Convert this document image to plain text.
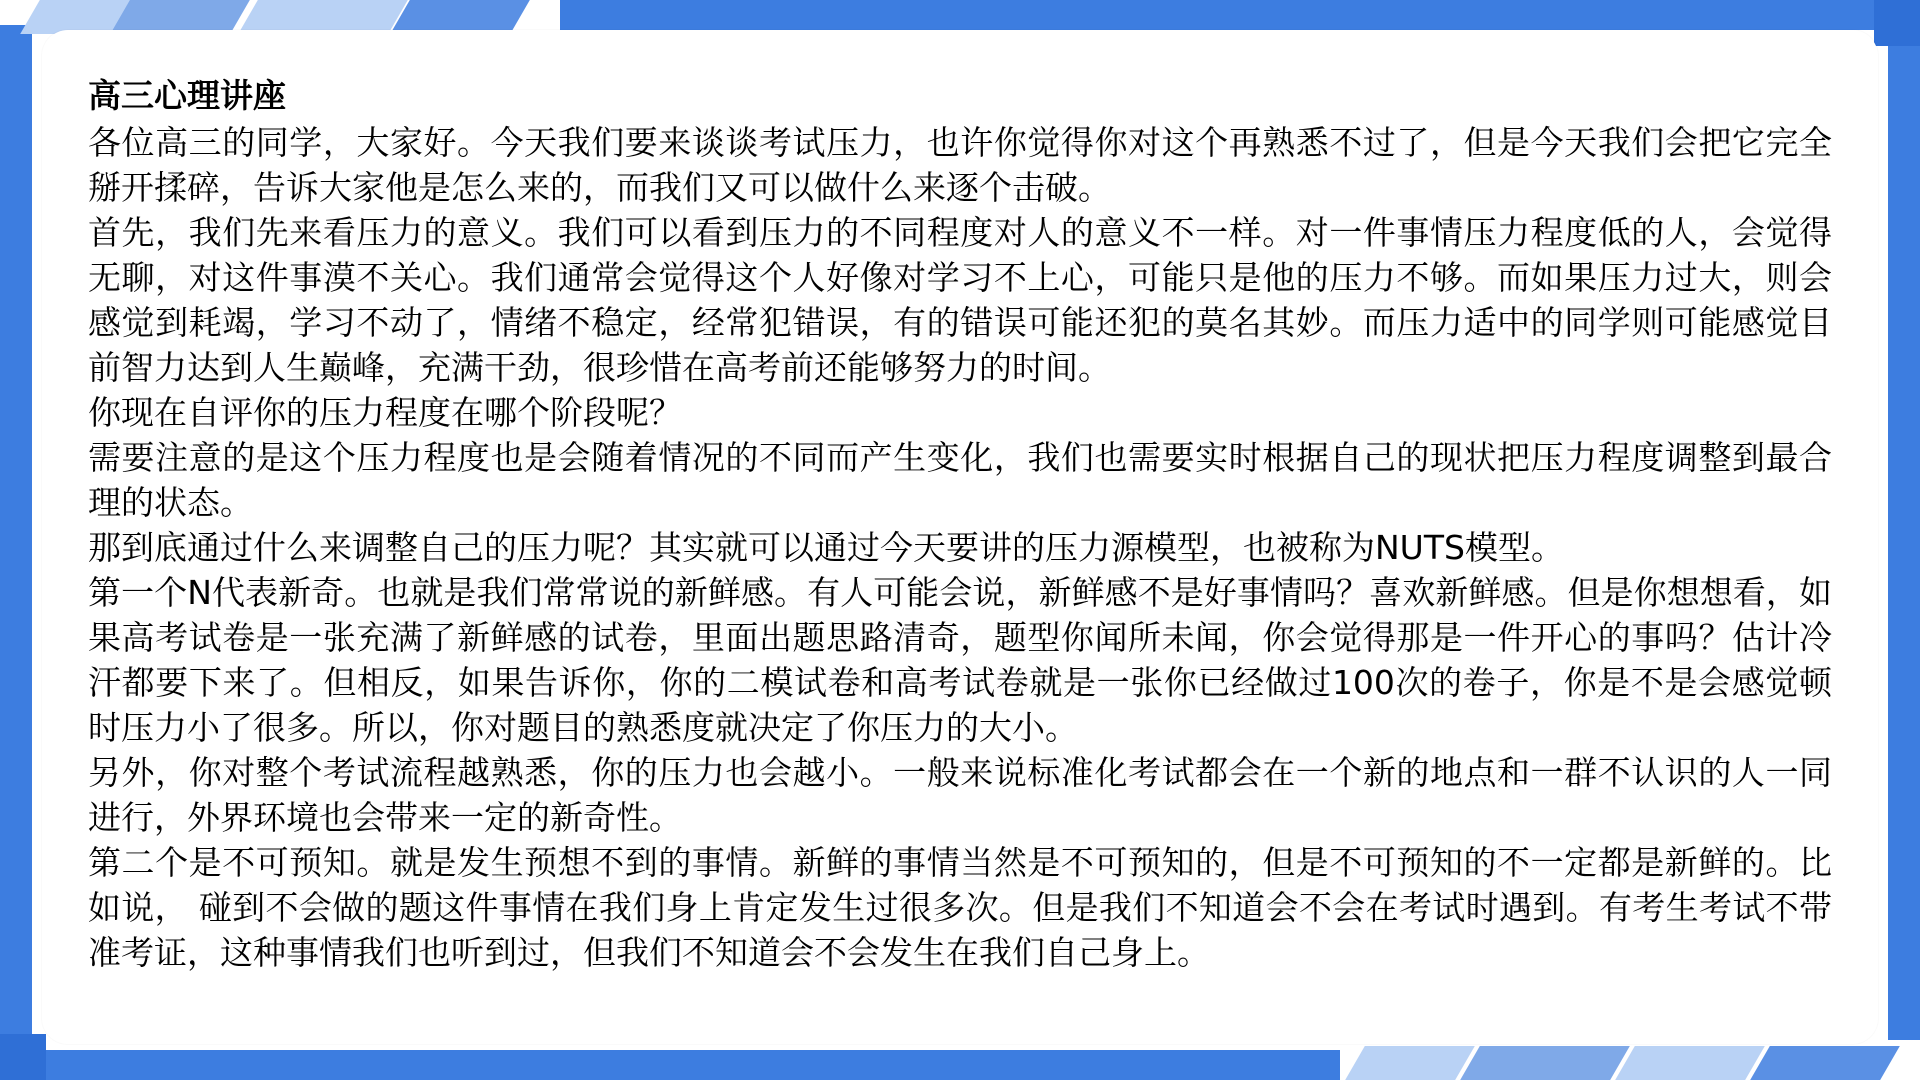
高三心理讲座

各位高三的同学，大家好。今天我们要来谈谈考试压力，也许你觉得你对这个再熟悉不过了，但是今天我们会把它完全掰开揉碎，告诉大家他是怎么来的，而我们又可以做什么来逐个击破。

首先，我们先来看压力的意义。我们可以看到压力的不同程度对人的意义不一样。对一件事情压力程度低的人，会觉得无聊，对这件事漠不关心。我们通常会觉得这个人好像对学习不上心，可能只是他的压力不够。而如果压力过大，则会感觉到耗竭，学习不动了，情绪不稳定，经常犯错误，有的错误可能还犯的莫名其妙。而压力适中的同学则可能感觉目前智力达到人生巅峰，充满干劲，很珍惜在高考前还能够努力的时间。

你现在自评你的压力程度在哪个阶段呢？

需要注意的是这个压力程度也是会随着情况的不同而产生变化，我们也需要实时根据自己的现状把压力程度调整到最合理的状态。

那到底通过什么来调整自己的压力呢？其实就可以通过今天要讲的压力源模型，也被称为NUTS模型。

第一个N代表新奇。也就是我们常常说的新鲜感。有人可能会说，新鲜感不是好事情吗？喜欢新鲜感。但是你想想看，如果高考试卷是一张充满了新鲜感的试卷，里面出题思路清奇，题型你闻所未闻，你会觉得那是一件开心的事吗？估计冷汗都要下来了。但相反，如果告诉你，你的二模试卷和高考试卷就是一张你已经做过100次的卷子，你是不是会感觉顿时压力小了很多。所以，你对题目的熟悉度就决定了你压力的大小。

另外，你对整个考试流程越熟悉，你的压力也会越小。一般来说标准化考试都会在一个新的地点和一群不认识的人一同进行，外界环境也会带来一定的新奇性。

第二个是不可预知。就是发生预想不到的事情。新鲜的事情当然是不可预知的，但是不可预知的不一定都是新鲜的。比如说， 碰到不会做的题这件事情在我们身上肯定发生过很多次。但是我们不知道会不会在考试时遇到。有考生考试不带准考证，这种事情我们也听到过，但我们不知道会不会发生在我们自己身上。
